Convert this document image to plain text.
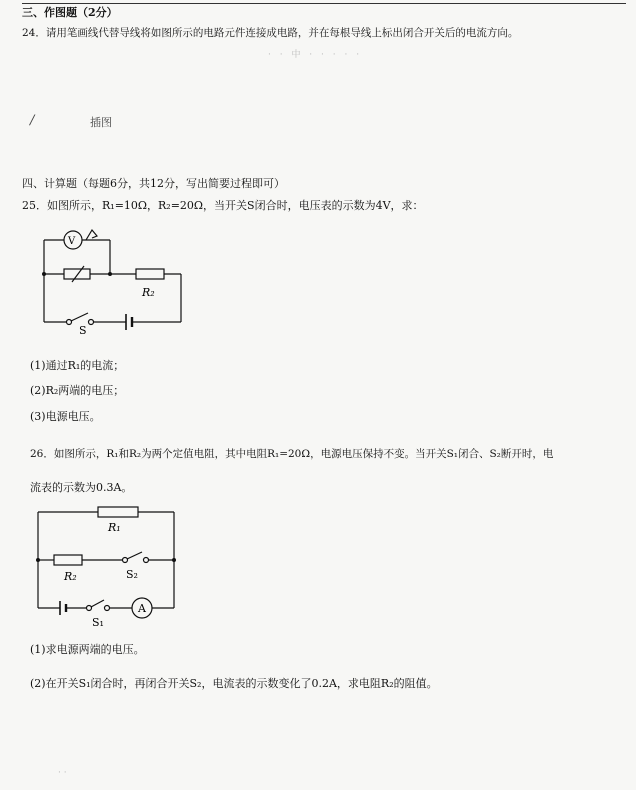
三、作图题（2分）
24．请用笔画线代替导线将如图所示的电路元件连接成电路，并在每根导线上标出闭合开关后的电流方向。
· · 中 · · · · ·
/	插图
四、计算题（每题6分，共12分，写出简要过程即可）
25．如图所示，R₁=10Ω，R₂=20Ω，当开关S闭合时，电压表的示数为4V，求：
V
R₂
S
(1)通过R₁的电流；
(2)R₂两端的电压；
(3)电源电压。
26．如图所示，R₁和R₂为两个定值电阻，其中电阻R₁=20Ω，电源电压保持不变。当开关S₁闭合、S₂断开时，电
流表的示数为0.3A。
R₁
R₂	S₂
S₁
A
(1)求电源两端的电压。
(2)在开关S₁闭合时，再闭合开关S₂，电流表的示数变化了0.2A，求电阻R₂的阻值。
· ·
